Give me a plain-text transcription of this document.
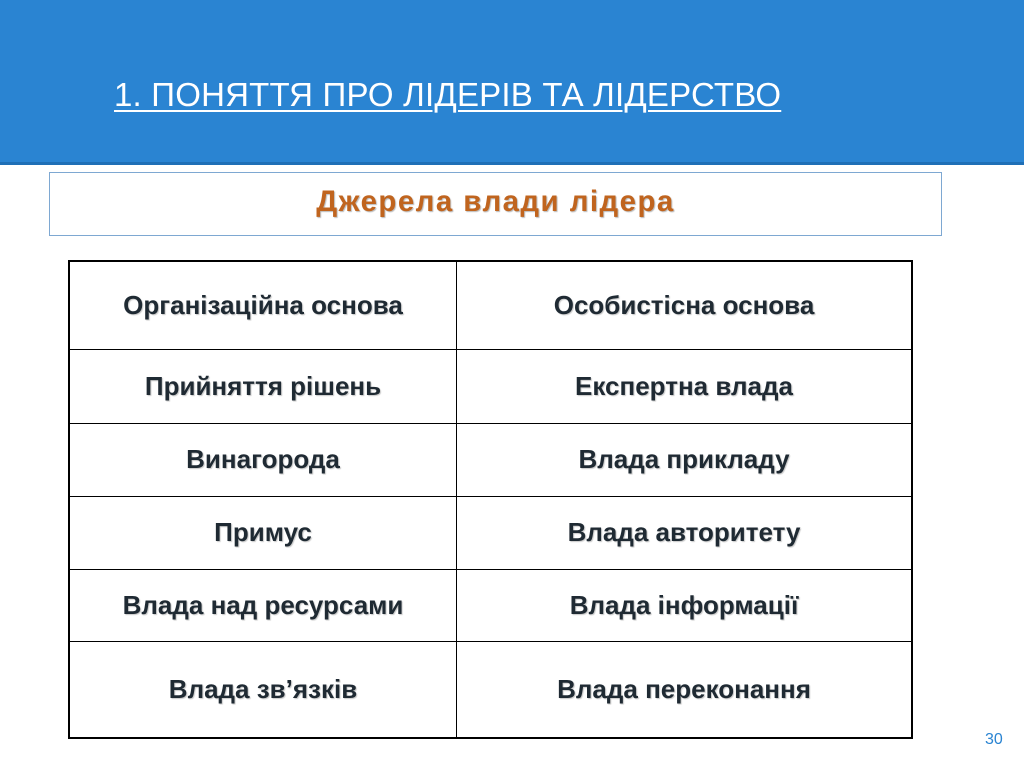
1. ПОНЯТТЯ ПРО ЛІДЕРІВ ТА ЛІДЕРСТВО
Джерела влади лідера
Організаційна основа	Особистісна основа
Прийняття рішень	Експертна влада
Винагорода	Влада прикладу
Примус	Влада авторитету
Влада над ресурсами	Влада інформації
Влада зв’язків	Влада переконання
30
